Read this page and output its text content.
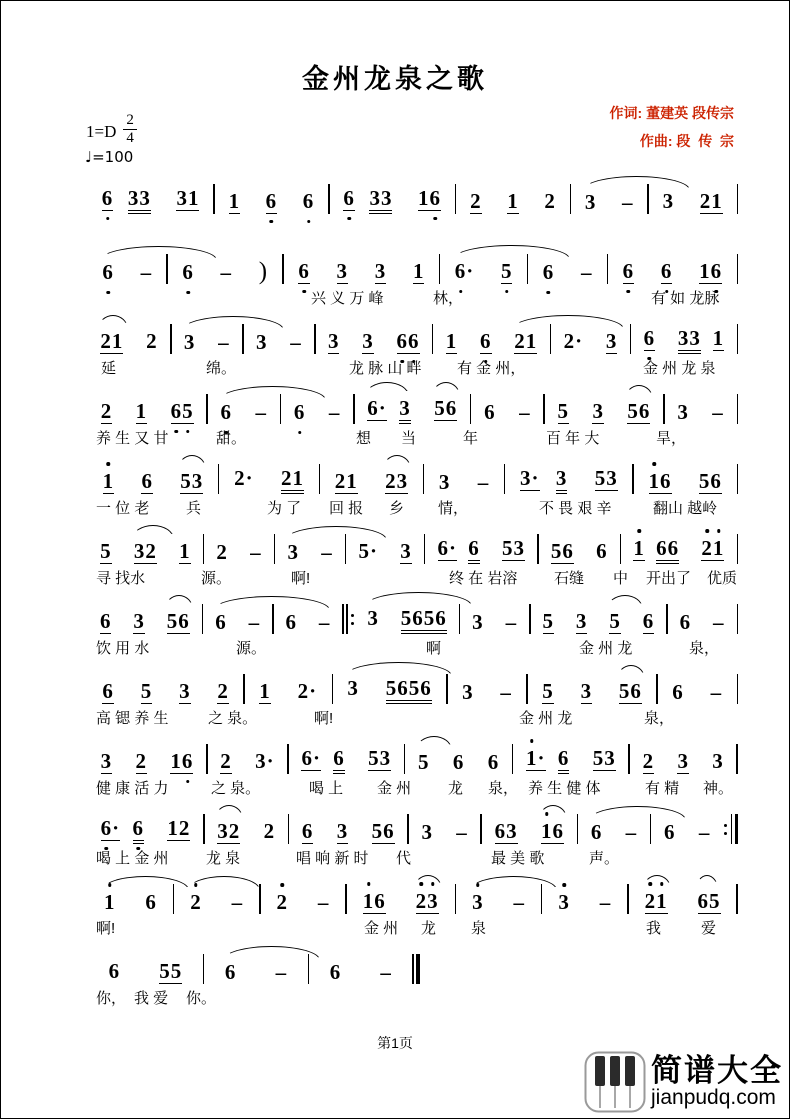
金州龙泉之歌
作词: 董建英 段传宗
作曲: 段  传  宗
$1=D \frac{2}{4}$
♩=100
6 33 31 1 6 6 6 33 16 2 1 2 3 – 3 21
6 – 6 – ) 6 3 3 1 6
· 5 6 – 6 6 16
兴 义 万 峰	林，	有 如 龙脉
21 2 3 – 3 – 3 3 6
6 1 6 21 2· 3 6 33 1
延	绵。	龙 脉 山 畔 有 金 州，	金 州 龙 泉
2 1 6
5 6 – 6 – 6· 3 56 6 – 5 3 56 3 –
养 生 又 甘	甜。	想 当	年	百 年 大	旱，
1 6 53 2· 21 21 23 3 – 3· 3 53 1
6 56
一 位 老 兵	为 了 回 报 乡 情，	不 畏 艰 辛	翻山 越岭
5 32 1 2 – 3 – 5· 3 6· 6 53 56 6 1 66 2
1
寻 找水	源。	啊!	终 在 岩溶 石缝 中 开出了 优质
6 3 56 6 – 6 – 3 5656 3 – 5 3 5 6 6 –
饮 用 水	源。	啊	金 州 龙	泉，
6 5 3 2 1 2· 3 5656 3 – 5 3 56 6 –
高 锶 养 生	之 泉。	啊!	金 州 龙	泉，
3 2 16 2 3· 6· 6 53 5 6 6 1
· 6 53 2 3 3
健 康 活 力	之 泉。	喝 上 金 州 龙 泉， 养 生 健 体	有 精 神。
6
· 6 12 32 2 6 3 56 3 – 63 1
6 6 – 6 –
喝 上 金 州 龙 泉	唱 响 新 时 代	最 美 歌	声。
1 6 2 – 2 – 1
6 2
3 3 – 3 – 2
1 65
啊!	金 州 龙 泉	我	爱
6 55 6 – 6 –
你， 我 爱 你。
第1页
简谱大全
jianpudq.com
